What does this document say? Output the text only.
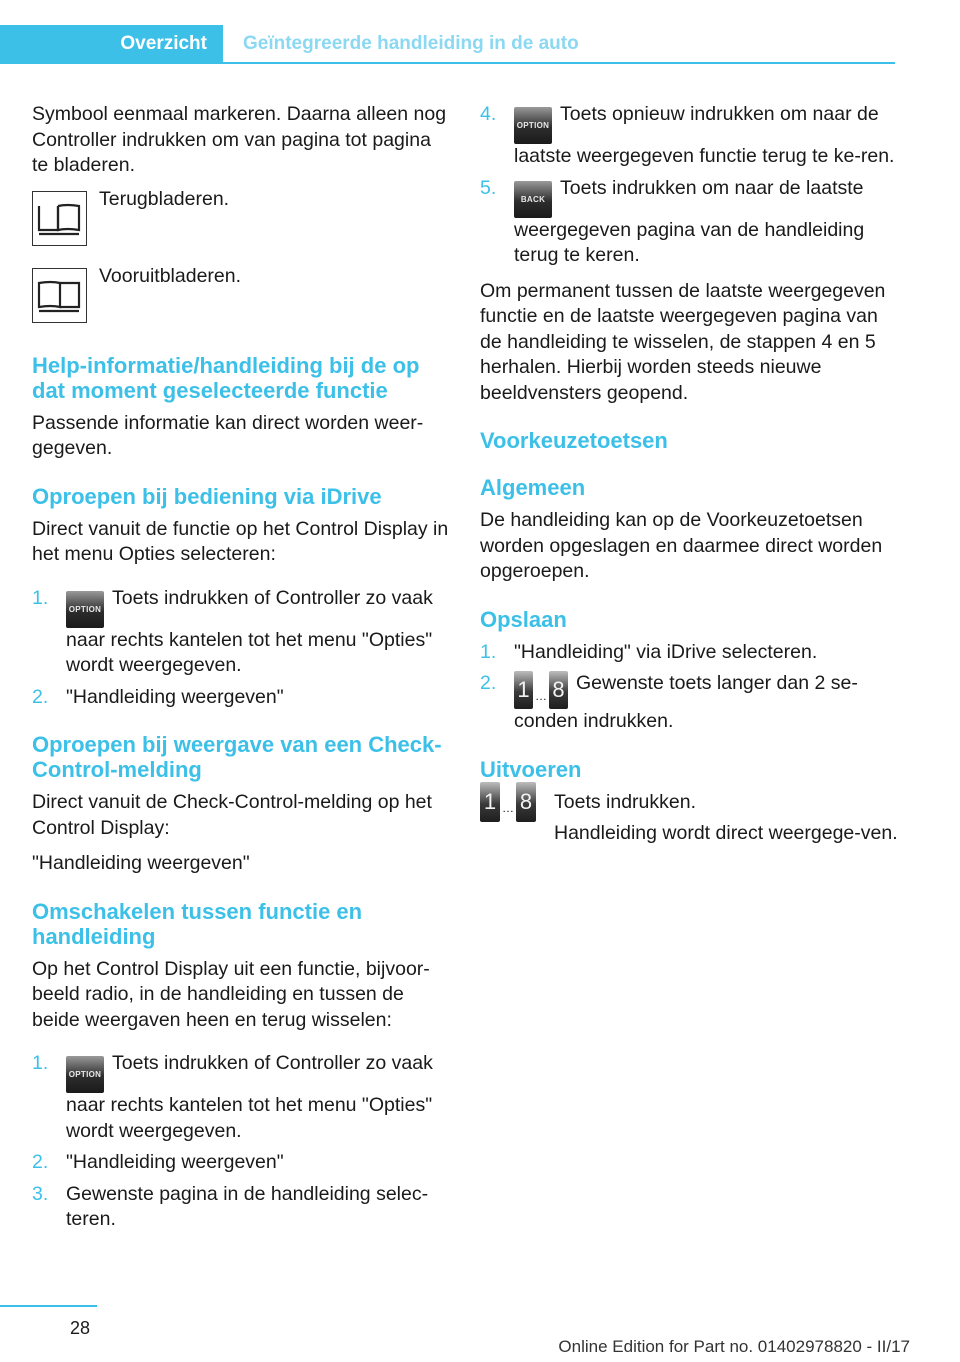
Overzicht Geïntegreerde handleiding in de auto

Symbool eenmaal markeren. Daarna alleen nog Controller indrukken om van pagina tot pagina te bladeren.

Terugbladeren.
Vooruitbladeren.
Help-informatie/handleiding bij de op dat moment geselecteerde functie

Passende informatie kan direct worden weer‐gegeven.

Oproepen bij bediening via iDrive

Direct vanuit de functie op het Control Display in het menu Opties selecteren:

1.
OPTIONToets indrukken of Controller zo vaak naar rechts kantelen tot het menu "Opties" wordt weergegeven.
2. "Handleiding weergeven"
Oproepen bij weergave van een Check-Control-melding

Direct vanuit de Check-Control-melding op het Control Display:

"Handleiding weergeven"

Omschakelen tussen functie en handleiding

Op het Control Display uit een functie, bijvoor‐beeld radio, in de handleiding en tussen de beide weergaven heen en terug wisselen:

1.
OPTIONToets indrukken of Controller zo vaak naar rechts kantelen tot het menu "Opties" wordt weergegeven.
2. "Handleiding weergeven"
3. Gewenste pagina in de handleiding selec‐teren.
4.
OPTIONToets opnieuw indrukken om naar de laatste weergegeven functie terug te ke‐ren.
5.
BACKToets indrukken om naar de laatste weergegeven pagina van de handleiding terug te keren.

Om permanent tussen de laatste weergegeven functie en de laatste weergegeven pagina van de handleiding te wisselen, de stappen 4 en 5 herhalen. Hierbij worden steeds nieuwe beeldvensters geopend.

Voorkeuzetoetsen
Algemeen

De handleiding kan op de Voorkeuzetoetsen worden opgeslagen en daarmee direct worden opgeroepen.

Opslaan
1. "Handleiding" via iDrive selecteren.
2. 1 … 8 Gewenste toets langer dan 2 se‐conden indrukken.
Uitvoeren
1 … 8 Toets indrukken.

Handleiding wordt direct weergege‐ven.

28
Online Edition for Part no. 01402978820 - II/17
